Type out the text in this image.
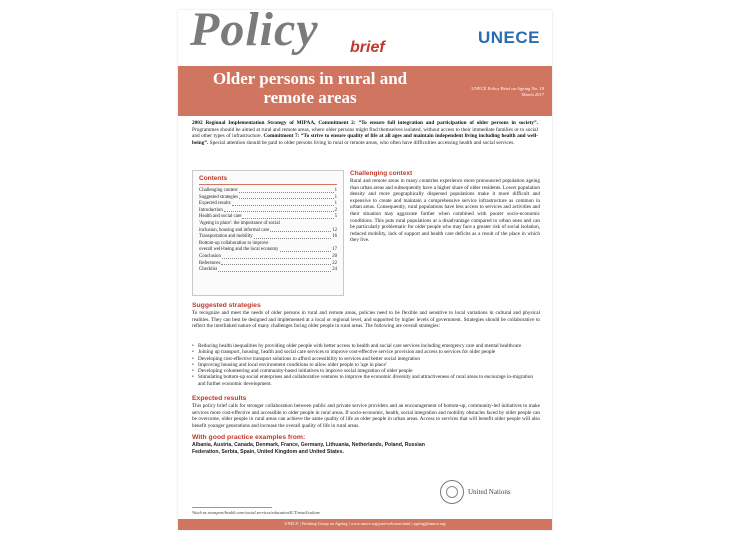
Policy brief
UNECE
Older persons in rural and remote areas	UNECE Policy Brief on Ageing No. 18
March 2017
2002 Regional Implementation Strategy of MIPAA, Commitment 2: “To ensure full integration and participation of older persons in society”. Programmes should be aimed at rural and remote areas, where older persons might find themselves isolated, without access to their immediate families or to social and other types of infrastructure. Commitment 7: “To strive to ensure quality of life at all ages and maintain independent living including health and well-being”. Special attention should be paid to older persons living in rural or remote areas, who often have difficulties accessing health and social services.
Contents
Challenging context	1
Suggested strategies	1
Expected results	1
Introduction	2
Health and social care	5
'Ageing in place': the importance of social
inclusion, housing and informal care	12
Transportation and mobility	16
Bottom-up collaboration to improve
overall well-being and the local economy	17
Conclusion	20
References	22
Checklist	24
Challenging context
Rural and remote areas in many countries experience more pronounced population ageing than urban areas and subsequently have a higher share of older residents. Lower population density and more geographically dispersed populations make it more difficult and expensive to create and maintain a comprehensive service infrastructure as common in urban areas. Consequently, rural populations have less access to services and activities and their situation may aggravate further when combined with poorer socio-economic conditions. This puts rural populations at a disadvantage compared to urban ones and can be particularly problematic for older people who may face a greater risk of social isolation, reduced mobility, lack of support and health care deficits as a result of the place in which they live.
Suggested strategies
To recognize and meet the needs of older persons in rural and remote areas, policies need to be flexible and sensitive to local variations in cultural and physical realities. They can best be designed and implemented at a local or regional level, and supported by higher levels of government. Strategies should be collaborative to reflect the interlinked nature of many challenges facing older people in rural areas. The following are overall strategies:
• Reducing health inequalities by providing older people with better access to health and social care services including emergency care and mental healthcare
• Joining up transport, housing, health and social care services to improve cost-effective service provision and access to services for older people
• Developing cost-effective transport solutions to afford accessibility to services and better social integration
• Improving housing and local environment conditions to allow older people to 'age in place'
• Developing volunteering and community-based initiatives to improve social integration of older people
• Stimulating bottom-up social enterprises and collaborative ventures to improve the economic diversity and attractiveness of rural areas to encourage in-migration and further economic development.
Expected results
This policy brief calls for stronger collaboration between public and private service providers and an encouragement of bottom-up, community-led initiatives to make services more cost-effective and accessible to older people in rural areas. If socio-economic, health, social integration and mobility obstacles faced by older people can be overcome, older people in rural areas can achieve the same quality of life as older people in urban areas. Access to services that will benefit older people will also benefit younger generations and increase the overall quality of life in rural areas.
With good practice examples from:
Albania, Austria, Canada, Denmark, France, Germany, Lithuania, Netherlands, Poland, Russian Federation, Serbia, Spain, United Kingdom and United States.
United Nations
¹Such as transport/health care/social services/education/ICT/retail/culture
UNECE | Working Group on Ageing | www.unece.org/pau/welcome.html | ageing@unece.org
